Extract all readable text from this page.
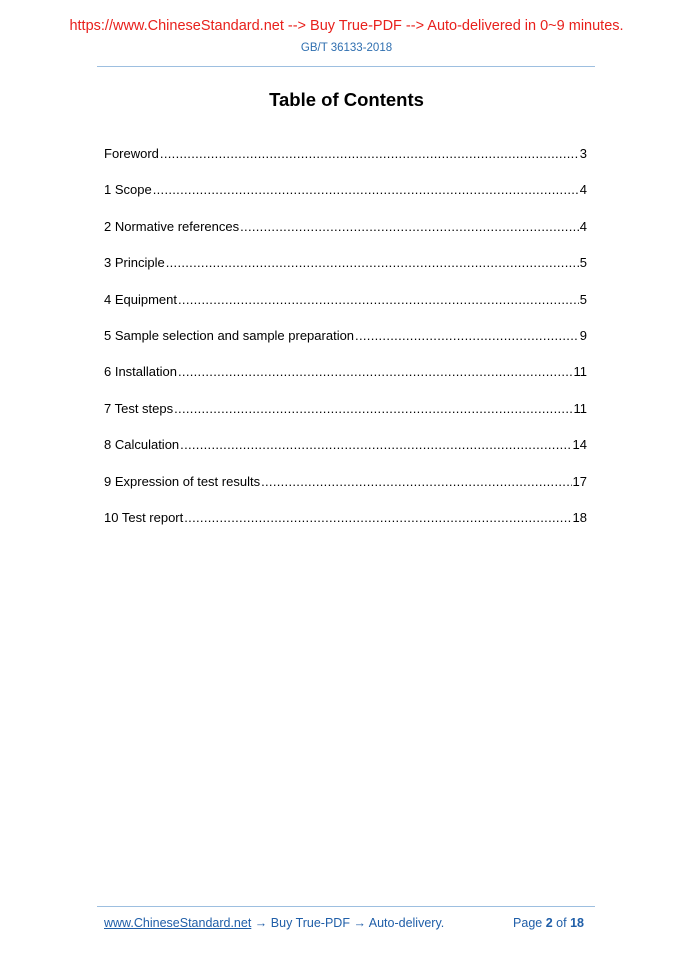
https://www.ChineseStandard.net --> Buy True-PDF --> Auto-delivered in 0~9 minutes.
GB/T 36133-2018
Table of Contents
Foreword .....	3
1 Scope .....	4
2 Normative references .....	4
3 Principle .....	5
4 Equipment .....	5
5 Sample selection and sample preparation .....	9
6 Installation .....	11
7 Test steps .....	11
8 Calculation .....	14
9 Expression of test results .....	17
10 Test report .....	18
www.ChineseStandard.net → Buy True-PDF → Auto-delivery.	Page 2 of 18
